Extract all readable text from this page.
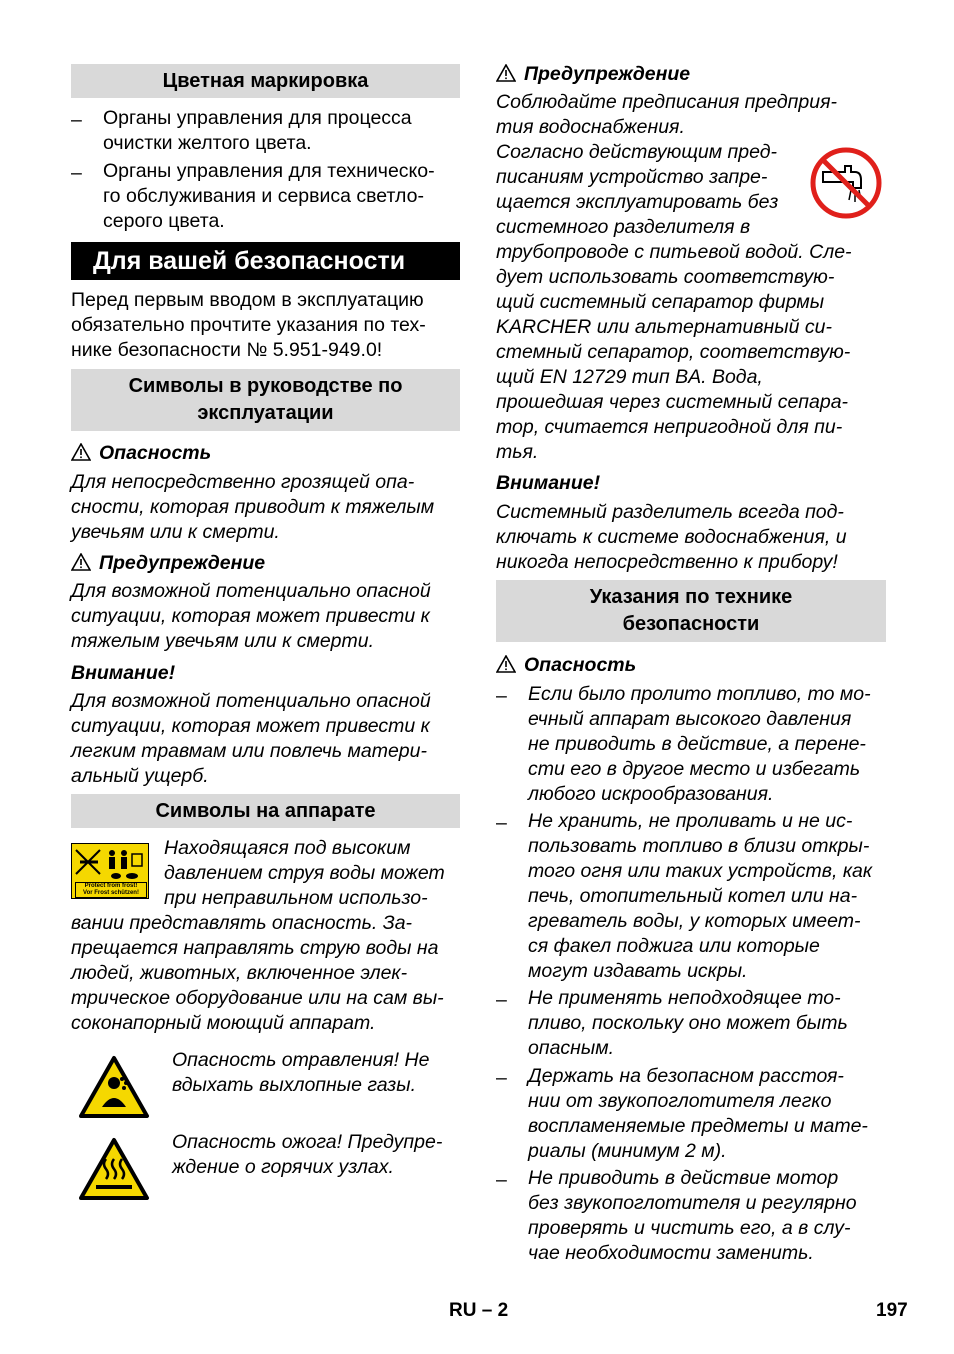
Цветная маркировка
– Органы управления для процесса
очистки желтого цвета.
– Органы управления для техническо-
го обслуживания и сервиса светло-
серого цвета.
Для вашей безопасности
Перед первым вводом в эксплуатацию
обязательно прочтите указания по тех-
нике безопасности № 5.951-949.0!
Символы в руководстве по
эксплуатации
Опасность
Для непосредственно грозящей опа-
сности, которая приводит к тяжелым
увечьям или к смерти.
Предупреждение
Для возможной потенциально опасной
ситуации, которая может привести к
тяжелым увечьям или к смерти.
Внимание!
Для возможной потенциально опасной
ситуации, которая может привести к
легким травмам или повлечь матери-
альный ущерб.
Символы на аппарате
Protect from frost!
Vor Frost schützen!
Находящаяся под высоким
давлением струя воды может
при неправильном использо-
вании представлять опасность. За-
прещается направлять струю воды на
людей, животных, включенное элек-
трическое оборудование или на сам вы-
соконапорный моющий аппарат.
Опасность отравления! Не
вдыхать выхлопные газы.
Опасность ожога! Предупре-
ждение о горячих узлах.
Предупреждение
Соблюдайте предписания предприя-
тия водоснабжения.
Согласно действующим пред-
писаниям устройство запре-
щается эксплуатировать без
системного разделителя в
трубопроводе с питьевой водой. Сле-
дует использовать соответствую-
щий системный сепаратор фирмы
KARCHER или альтернативный си-
стемный сепаратор, соответствую-
щий EN 12729 тип BA. Вода,
прошедшая через системный сепара-
тор, считается непригодной для пи-
тья.
Внимание!
Системный разделитель всегда под-
ключать к системе водоснабжения, и
никогда непосредственно к прибору!
Указания по технике
безопасности
Опасность
– Если было пролито топливо, то мо-
ечный аппарат высокого давления
не приводить в действие, а перене-
сти его в другое место и избегать
любого искрообразования.
– Не хранить, не проливать и не ис-
пользовать топливо в близи откры-
того огня или таких устройств, как
печь, отопительный котел или на-
греватель воды, у которых имеет-
ся факел поджига или которые
могут издавать искры.
– Не применять неподходящее то-
пливо, поскольку оно может быть
опасным.
– Держать на безопасном расстоя-
нии от звукопоглотителя легко
воспламеняемые предметы и мате-
риалы (минимум 2 м).
– Не приводить в действие мотор
без звукопоглотителя и регулярно
проверять и чистить его, а в слу-
чае необходимости заменить.
RU – 2	197
